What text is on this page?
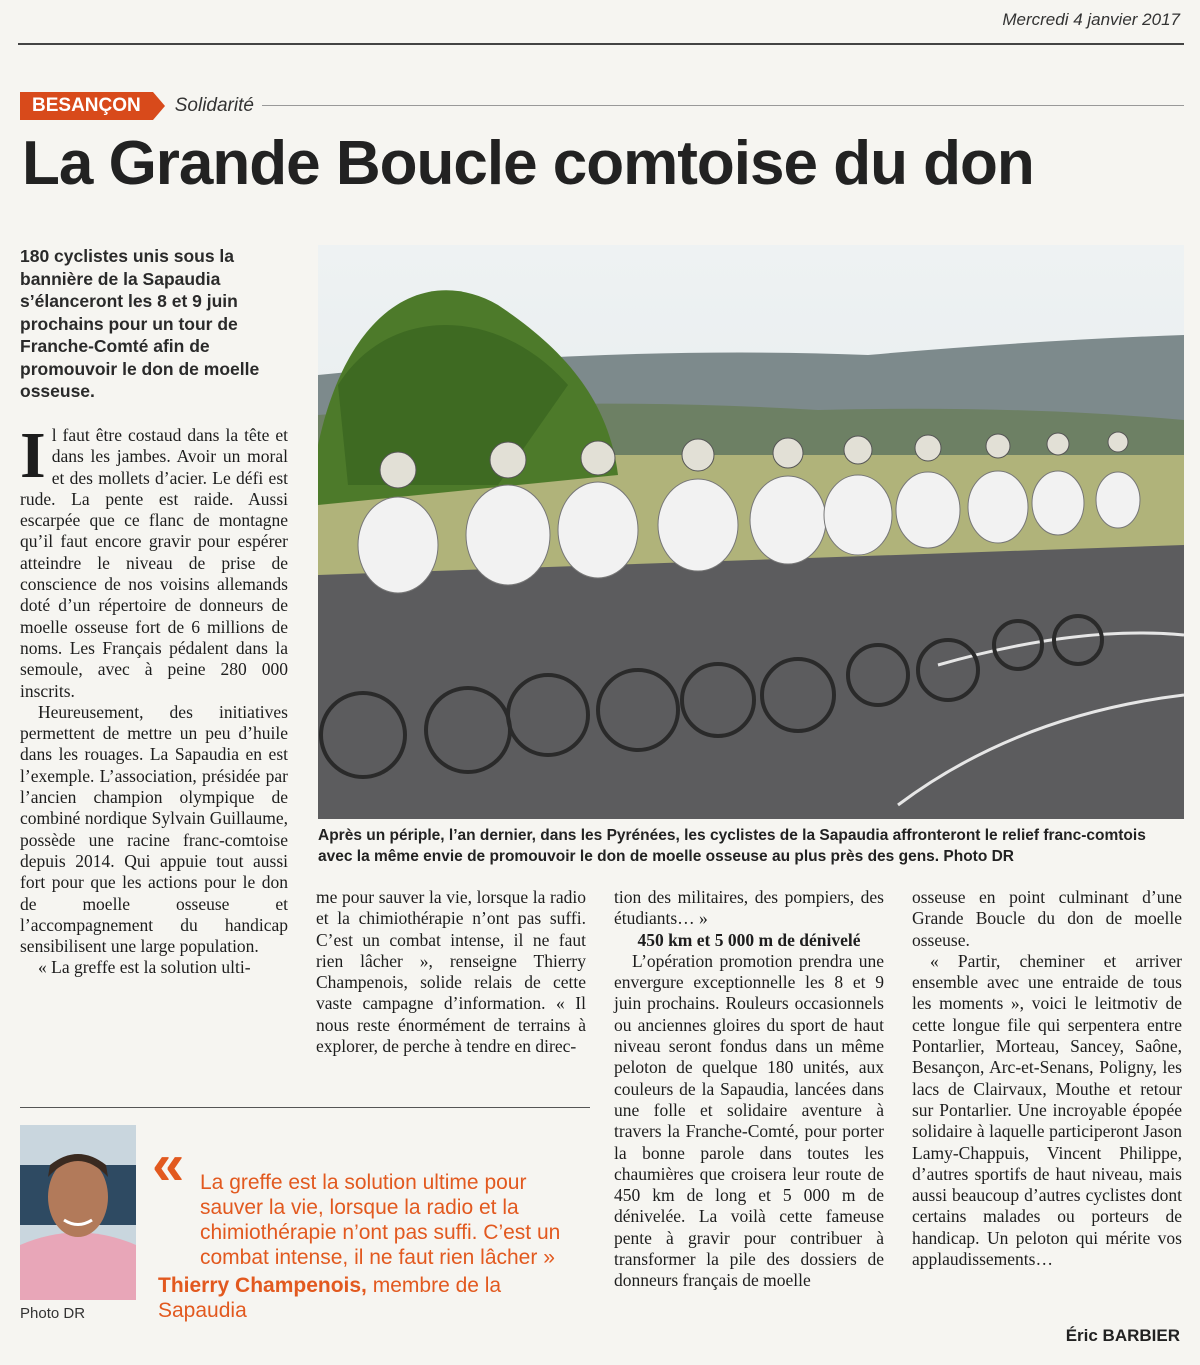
Mercredi 4 janvier 2017
BESANÇON	Solidarité
La Grande Boucle comtoise du don
180 cyclistes unis sous la bannière de la Sapaudia s’élanceront les 8 et 9 juin prochains pour un tour de Franche-Comté afin de promouvoir le don de moelle osseuse.

Il faut être costaud dans la tête et dans les jambes. Avoir un moral et des mollets d’acier. Le défi est rude. La pente est raide. Aussi escarpée que ce flanc de montagne qu’il faut encore gravir pour espérer atteindre le niveau de prise de conscience de nos voisins allemands doté d’un répertoire de donneurs de moelle osseuse fort de 6 millions de noms. Les Français pédalent dans la semoule, avec à peine 280 000 inscrits.

Heureusement, des initiatives permettent de mettre un peu d’huile dans les rouages. La Sapaudia en est l’exemple. L’association, présidée par l’ancien champion olympique de combiné nordique Sylvain Guillaume, possède une racine franc-comtoise depuis 2014. Qui appuie tout aussi fort pour que les actions pour le don de moelle osseuse et l’accompagnement du handicap sensibilisent une large population.

« La greffe est la solution ulti-

Après un périple, l’an dernier, dans les Pyrénées, les cyclistes de la Sapaudia affronteront le relief franc-comtois avec la même envie de promouvoir le don de moelle osseuse au plus près des gens. Photo DR

me pour sauver la vie, lorsque la radio et la chimiothérapie n’ont pas suffi. C’est un combat intense, il ne faut rien lâcher », renseigne Thierry Champenois, solide relais de cette vaste campagne d’information. « Il nous reste énormément de terrains à explorer, de perche à tendre en direc-

tion des militaires, des pompiers, des étudiants… »

450 km et 5 000 m de dénivelé

L’opération promotion prendra une envergure exceptionnelle les 8 et 9 juin prochains. Rouleurs occasionnels ou anciennes gloires du sport de haut niveau seront fondus dans un même peloton de quelque 180 unités, aux couleurs de la Sapaudia, lancées dans une folle et solidaire aventure à travers la Franche-Comté, pour porter la bonne parole dans toutes les chaumières que croisera leur route de 450 km de long et 5 000 m de dénivelée. La voilà cette fameuse pente à gravir pour contribuer à transformer la pile des dossiers de donneurs français de moelle

osseuse en point culminant d’une Grande Boucle du don de moelle osseuse.

« Partir, cheminer et arriver ensemble avec une entraide de tous les moments », voici le leitmotiv de cette longue file qui serpentera entre Pontarlier, Morteau, Sancey, Saône, Besançon, Arc-et-Senans, Poligny, les lacs de Clairvaux, Mouthe et retour sur Pontarlier. Une incroyable épopée solidaire à laquelle participeront Jason Lamy-Chappuis, Vincent Philippe, d’autres sportifs de haut niveau, mais aussi beaucoup d’autres cyclistes dont certains malades ou porteurs de handicap. Un peloton qui mérite vos applaudissements…

Photo DR
« La greffe est la solution ultime pour sauver la vie, lorsque la radio et la chimiothérapie n’ont pas suffi. C’est un combat intense, il ne faut rien lâcher »
Thierry Champenois, membre de la Sapaudia
Éric BARBIER
